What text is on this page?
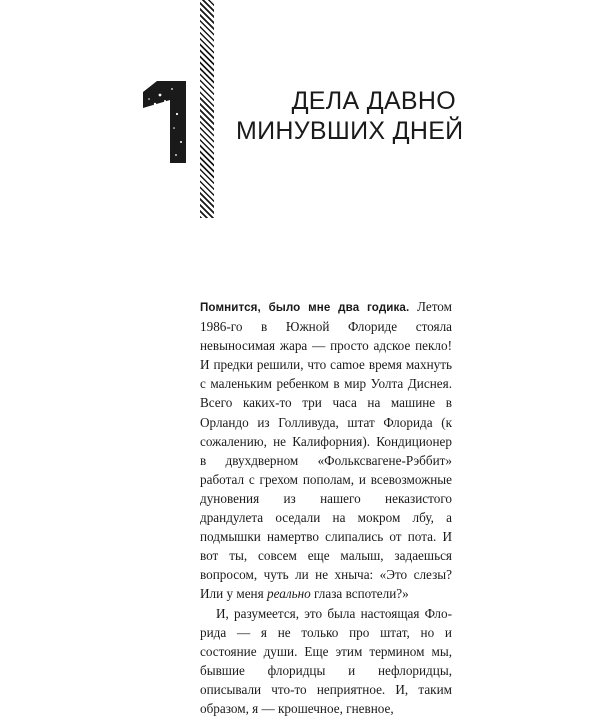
ДЕЛА ДАВНО
МИНУВШИХ ДНЕЙ

Помнится, было мне два годика. Летом 1986-го в Южной Флориде стояла невыносимая жара — просто адское пекло! И предки решили, что саmое время махнуть с маленьким ребенком в мир Уолта Диснея. Всего каких-то три часа на машине в Орландо из Голливуда, штат Флорида (к сожалению, не Калифорния). Кондиционер в двухдверном «Фольксвагене-Рэббит» работал с грехом пополам, и всевозможные дуновения из нашего неказистого драндулета оседали на мокром лбу, а подмышки намертво слипались от пота. И вот ты, совсем еще малыш, задаешься вопросом, чуть ли не хныча: «Это слезы? Или у меня реально глаза вспотели?»

И, разумеется, это была настоящая Флорида — я не только про штат, но и состояние души. Еще этим термином мы, бывшие флоридцы и нефлоридцы, описывали что-то неприятное. И, таким образом, я — крошечное, гневное,
